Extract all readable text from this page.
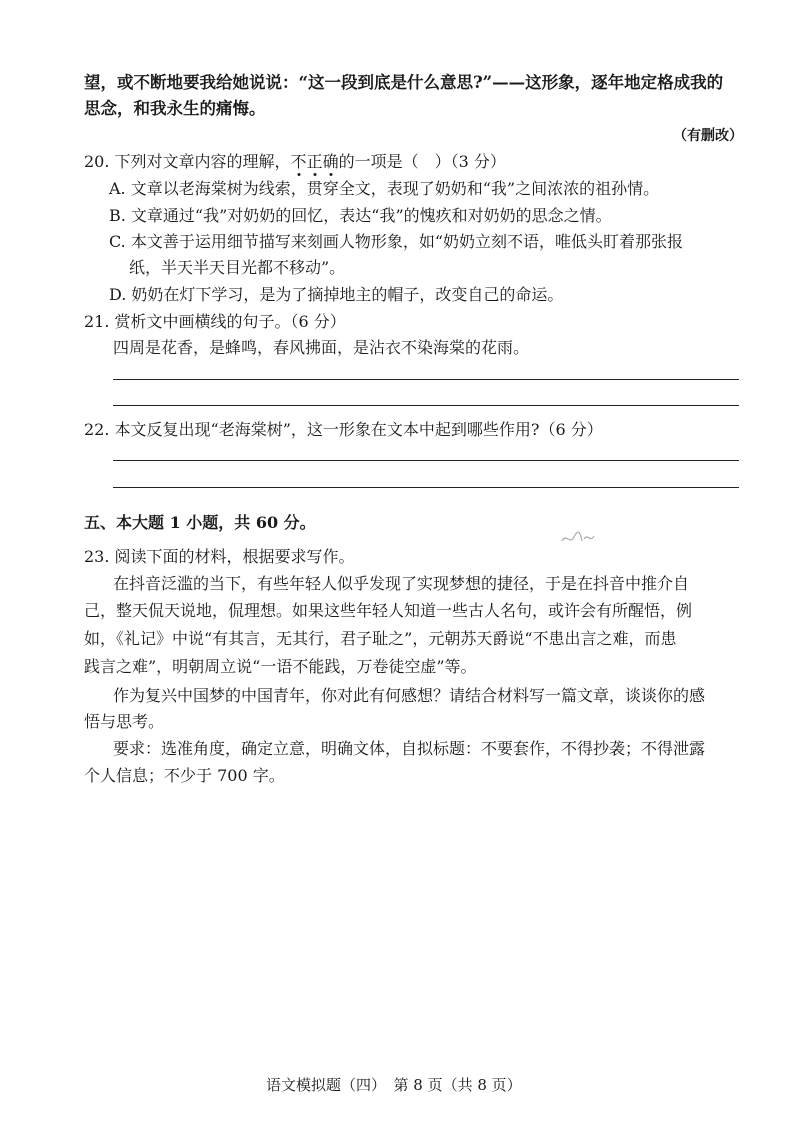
望，或不断地要我给她说说：“这一段到底是什么意思?”——这形象，逐年地定格成我的
思念，和我永生的痛悔。
（有删改）
20. 下列对文章内容的理解，不正确的一项是（　）（3 分）
A. 文章以老海棠树为线索，贯穿全文，表现了奶奶和“我”之间浓浓的祖孙情。
B. 文章通过“我”对奶奶的回忆，表达“我”的愧疚和对奶奶的思念之情。
C. 本文善于运用细节描写来刻画人物形象，如“奶奶立刻不语，唯低头盯着那张报
纸，半天半天目光都不移动”。
D. 奶奶在灯下学习，是为了摘掉地主的帽子，改变自己的命运。
21. 赏析文中画横线的句子。（6 分）
四周是花香，是蜂鸣，春风拂面，是沾衣不染海棠的花雨。
22. 本文反复出现“老海棠树”，这一形象在文本中起到哪些作用?（6 分）
五、本大题 1 小题，共 60 分。
23. 阅读下面的材料，根据要求写作。
在抖音泛滥的当下，有些年轻人似乎发现了实现梦想的捷径，于是在抖音中推介自
己，整天侃天说地，侃理想。如果这些年轻人知道一些古人名句，或许会有所醒悟，例
如，《礼记》中说“有其言，无其行，君子耻之”，元朝苏天爵说“不患出言之难，而患
践言之难”，明朝周立说“一语不能践，万卷徒空虚”等。
作为复兴中国梦的中国青年，你对此有何感想？请结合材料写一篇文章，谈谈你的感
悟与思考。
要求：选准角度，确定立意，明确文体，自拟标题：不要套作，不得抄袭；不得泄露
个人信息；不少于 700 字。
语文模拟题（四）　第 8 页（共 8 页）
